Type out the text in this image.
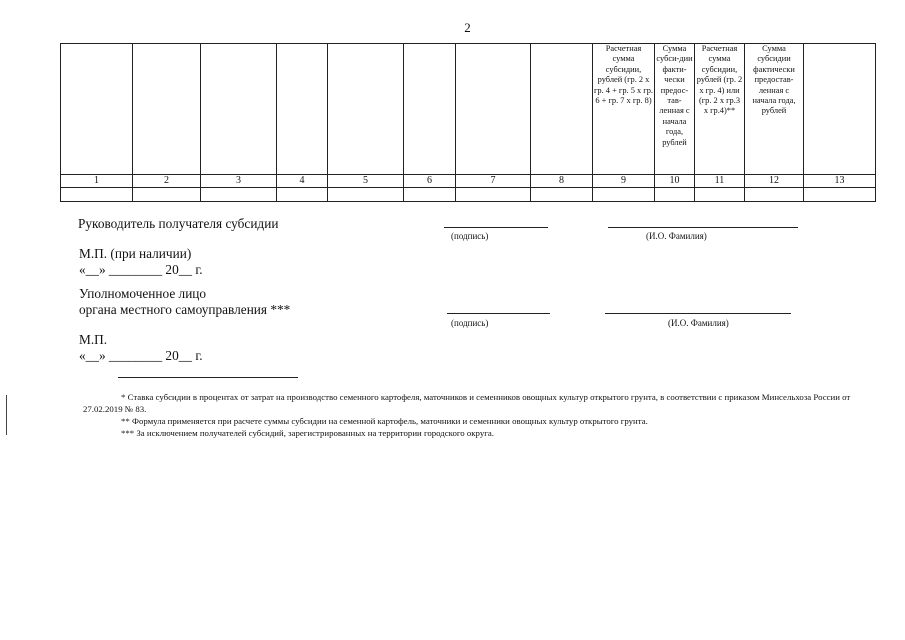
2
								Расчетная сумма субсидии, рублей (гр. 2 х гр. 4 + гр. 5 х гр. 6 + гр. 7 х гр. 8)	Сумма субси-дии факти-чески предос-тав-ленная с начала года, рублей	Расчетная сумма субсидии, рублей (гр. 2 х гр. 4) или (гр. 2 х гр.3 х гр.4)**	Сумма субсидии фактически предостав-ленная с начала года, рублей	
1	2	3	4	5	6	7	8	9	10	11	12	13

Руководитель получателя субсидии
(подпись)	(И.О. Фамилия)
М.П. (при наличии)
«__» ________ 20__ г.
Уполномоченное лицо
органа местного самоуправления ***
(подпись)	(И.О. Фамилия)
М.П.
«__» ________ 20__ г.

* Ставка субсидии в процентах от затрат на производство семенного картофеля, маточников и семенников овощных культур открытого грунта, в соответствии с приказом Минсельхоза России от 27.02.2019 № 83.

** Формула применяется при расчете суммы субсидии на семенной картофель, маточники и семенники овощных культур открытого грунта.

*** За исключением получателей субсидий, зарегистрированных на территории городского округа.
